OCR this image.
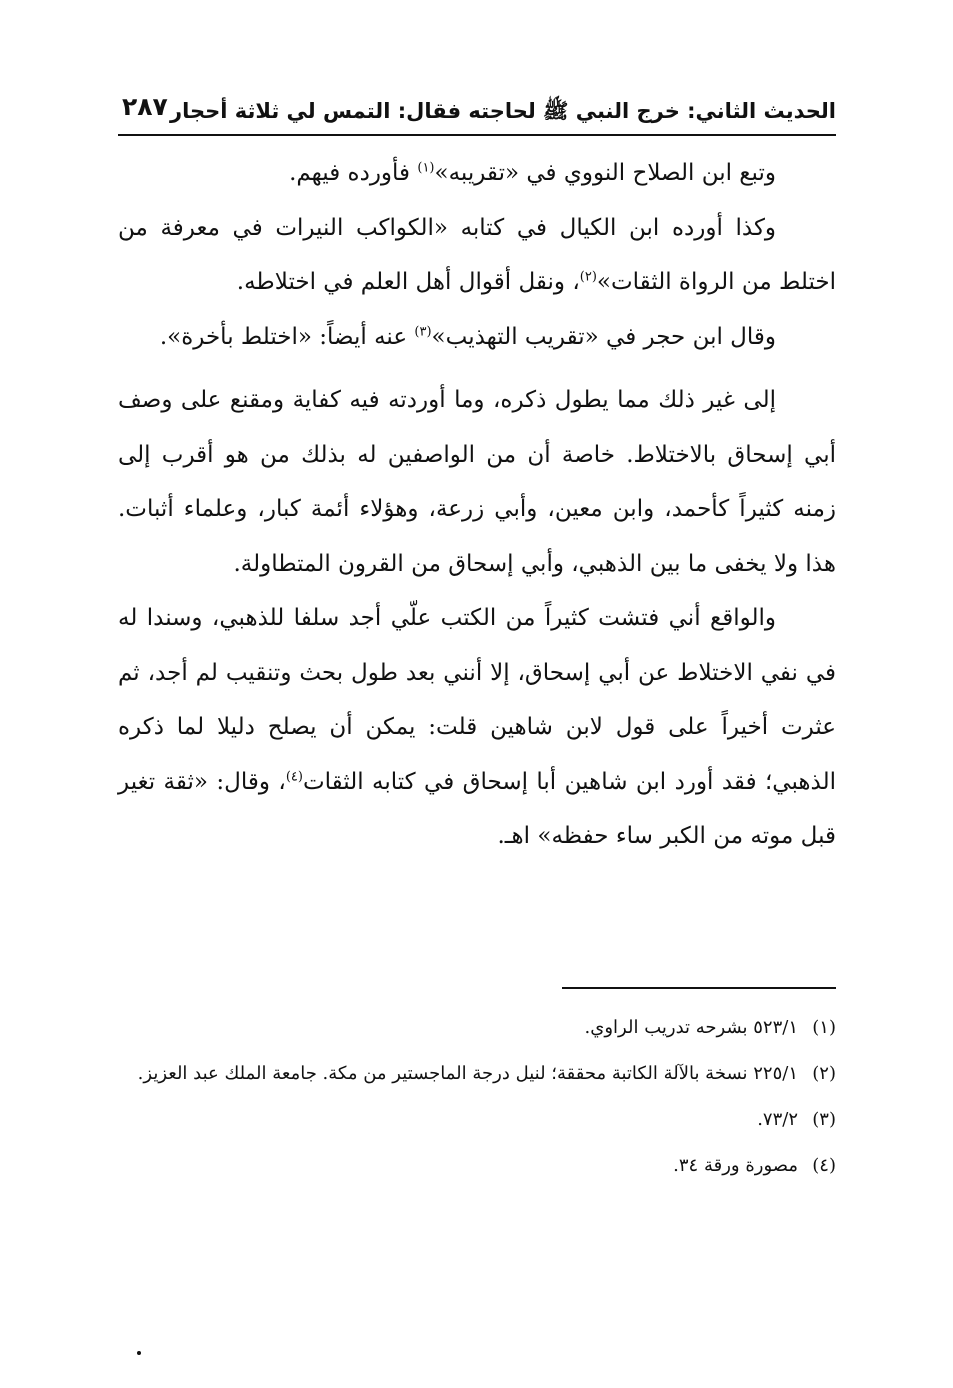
الحديث الثاني: خرج النبي ﷺ لحاجته فقال: التمس لي ثلاثة أحجار
٢٨٧

وتبع ابن الصلاح النووي في «تقريبه»$^{(١)}$ فأورده فيهم.

وكذا أورده ابن الكيال في كتابه «الكواكب النيرات في معرفة من اختلط من الرواة الثقات»$^{(٢)}$، ونقل أقوال أهل العلم في اختلاطه.

وقال ابن حجر في «تقريب التهذيب»$^{(٣)}$ عنه أيضاً: «اختلط بأخرة».

إلى غير ذلك مما يطول ذكره، وما أوردته فيه كفاية ومقنع على وصف أبي إسحاق بالاختلاط. خاصة أن من الواصفين له بذلك من هو أقرب إلى زمنه كثيراً كأحمد، وابن معين، وأبي زرعة، وهؤلاء أئمة كبار، وعلماء أثبات. هذا ولا يخفى ما بين الذهبي، وأبي إسحاق من القرون المتطاولة.

والواقع أني فتشت كثيراً من الكتب علّي أجد سلفا للذهبي، وسندا له في نفي الاختلاط عن أبي إسحاق، إلا أنني بعد طول بحث وتنقيب لم أجد، ثم عثرت أخيراً على قول لابن شاهين قلت: يمكن أن يصلح دليلا لما ذكره الذهبي؛ فقد أورد ابن شاهين أبا إسحاق في كتابه الثقات$^{(٤)}$، وقال: «ثقة تغير قبل موته من الكبر ساء حفظه» اهـ.

(١)٥٢٣/١ بشرحه تدريب الراوي.

(٢)٢٢٥/١ نسخة بالآلة الكاتبة محققة؛ لنيل درجة الماجستير من مكة. جامعة الملك عبد العزيز.

(٣)٧٣/٢.

(٤)مصورة ورقة ٣٤.
